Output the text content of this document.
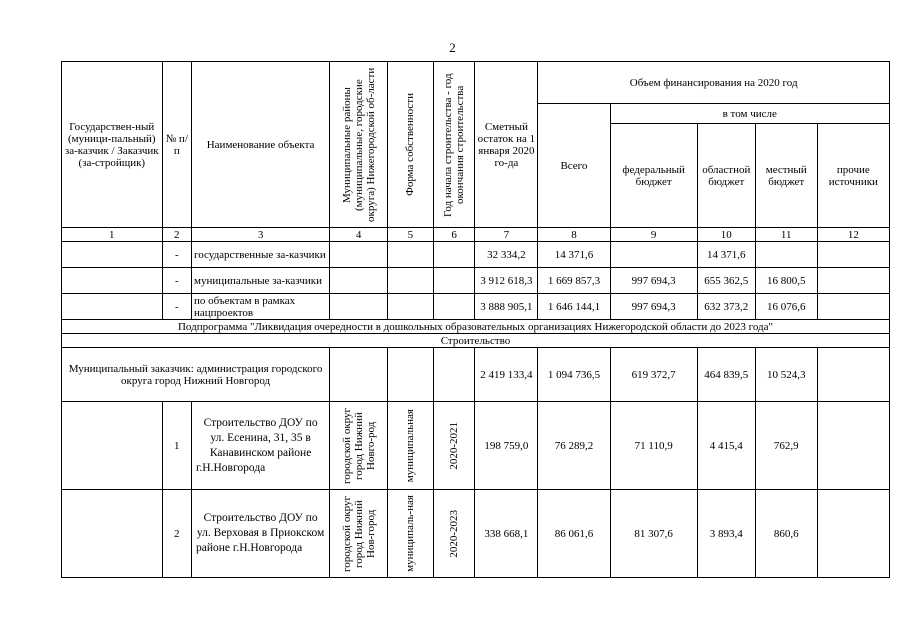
2
Государствен-ный (муници-пальный) за-казчик / Заказчик (за-стройщик)	№ п/ п	Наименование объекта	Муниципальные районы (муниципальные, городские округа) Нижегородской об-ласти	Форма собственности	Год начала строительства - год окончания строительства	Сметный остаток на 1 января 2020 го-да	Объем финансирования на 2020 год				
							Всего	в том числе			
								федеральный бюджет	областной бюджет	местный бюджет	прочие источники
1	2	3	4	5	6	7	8	9	10	11	12
	-	государственные за-казчики				32 334,2	14 371,6		14 371,6		
	-	муниципальные за-казчики				3 912 618,3	1 669 857,3	997 694,3	655 362,5	16 800,5	
	-	по объектам в рамках нацпроектов				3 888 905,1	1 646 144,1	997 694,3	632 373,2	16 076,6	
Подпрограмма "Ликвидация очередности в дошкольных образовательных организациях Нижегородской области до 2023 года"											
Строительство											
Муниципальный заказчик: администрация городского округа город Нижний Новгород						2 419 133,4	1 094 736,5	619 372,7	464 839,5	10 524,3	
	1	Строительство ДОУ по ул. Есенина, 31, 35 в Канавинском районе г.Н.Новгорода	городской округ город Нижний Новго-род	муниципальная	2020-2021	198 759,0	76 289,2	71 110,9	4 415,4	762,9	
	2	Строительство ДОУ по ул. Верховая в Приокском районе г.Н.Новгорода	городской округ город Нижний Нов-город	муниципаль-ная	2020-2023	338 668,1	86 061,6	81 307,6	3 893,4	860,6	
